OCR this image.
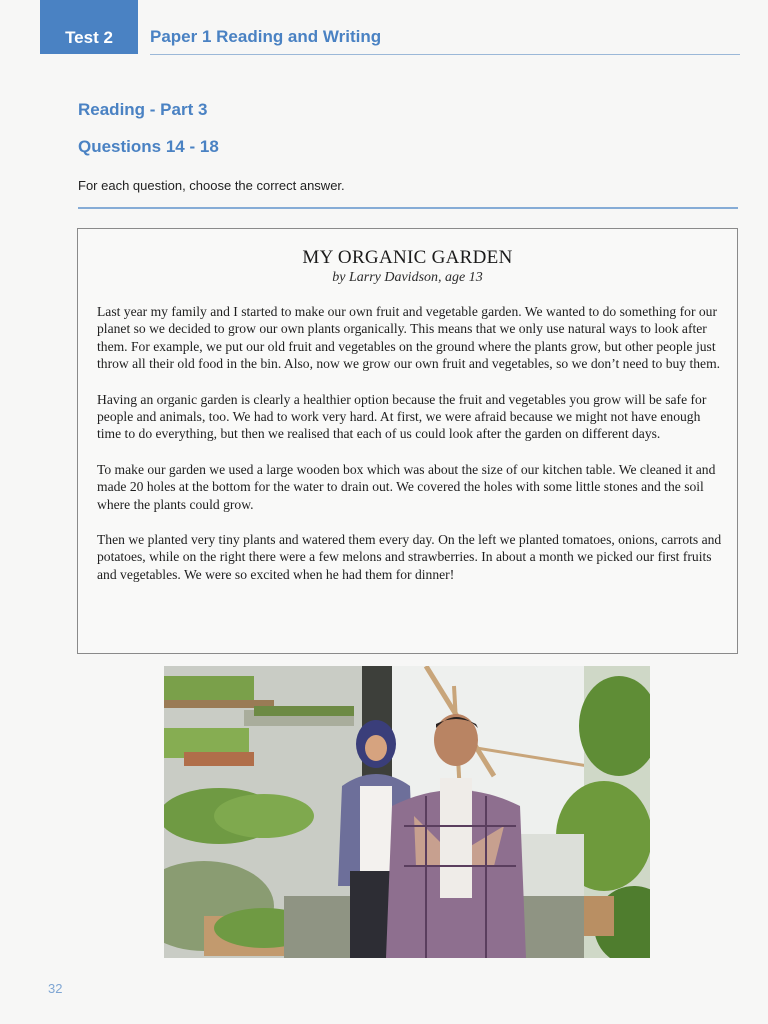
Test 2 Paper 1 Reading and Writing
Reading - Part 3
Questions 14 - 18
For each question, choose the correct answer.
MY ORGANIC GARDEN
by Larry Davidson, age 13

Last year my family and I started to make our own fruit and vegetable garden. We wanted to do something for our planet so we decided to grow our own plants organically. This means that we only use natural ways to look after them. For example, we put our old fruit and vegetables on the ground where the plants grow, but other people just throw all their old food in the bin. Also, now we grow our own fruit and vegetables, so we don’t need to buy them.

Having an organic garden is clearly a healthier option because the fruit and vegetables you grow will be safe for people and animals, too. We had to work very hard. At first, we were afraid because we might not have enough time to do everything, but then we realised that each of us could look after the garden on different days.

To make our garden we used a large wooden box which was about the size of our kitchen table. We cleaned it and made 20 holes at the bottom for the water to drain out. We covered the holes with some little stones and the soil where the plants could grow.

Then we planted very tiny plants and watered them every day. On the left we planted tomatoes, onions, carrots and potatoes, while on the right there were a few melons and strawberries. In about a month we picked our first fruits and vegetables. We were so excited when he had them for dinner!

32
